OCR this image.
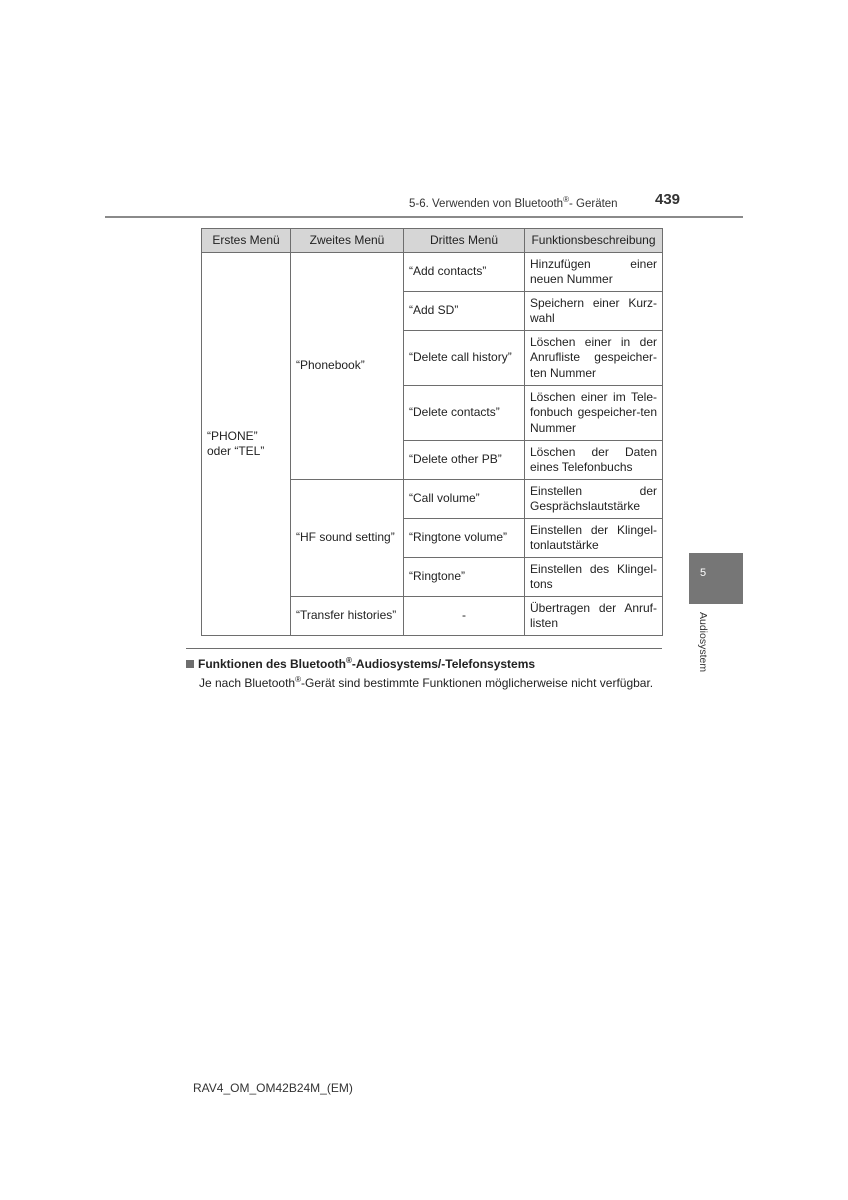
5-6. Verwenden von Bluetooth®- Geräten 439
Erstes Menü	Zweites Menü	Drittes Menü	Funktionsbeschreibung
“PHONE” oder “TEL”	“Phonebook”	“Add contacts”	Hinzufügen einer neuen Nummer
		“Add SD”	Speichern einer Kurz-wahl
		“Delete call history”	Löschen einer in der Anrufliste gespeicher-ten Nummer
		“Delete contacts”	Löschen einer im Tele-fonbuch gespeicher-ten Nummer
		“Delete other PB”	Löschen der Daten eines Telefonbuchs
	“HF sound setting”	“Call volume”	Einstellen der Gesprächslautstärke
		“Ringtone volume”	Einstellen der Klingel-tonlautstärke
		“Ringtone”	Einstellen des Klingel-tons
	“Transfer histories”	-	Übertragen der Anruf-listen
5
Audiosystem
Funktionen des Bluetooth®-Audiosystems/-Telefonsystems
Je nach Bluetooth®-Gerät sind bestimmte Funktionen möglicherweise nicht verfügbar.
RAV4_OM_OM42B24M_(EM)
